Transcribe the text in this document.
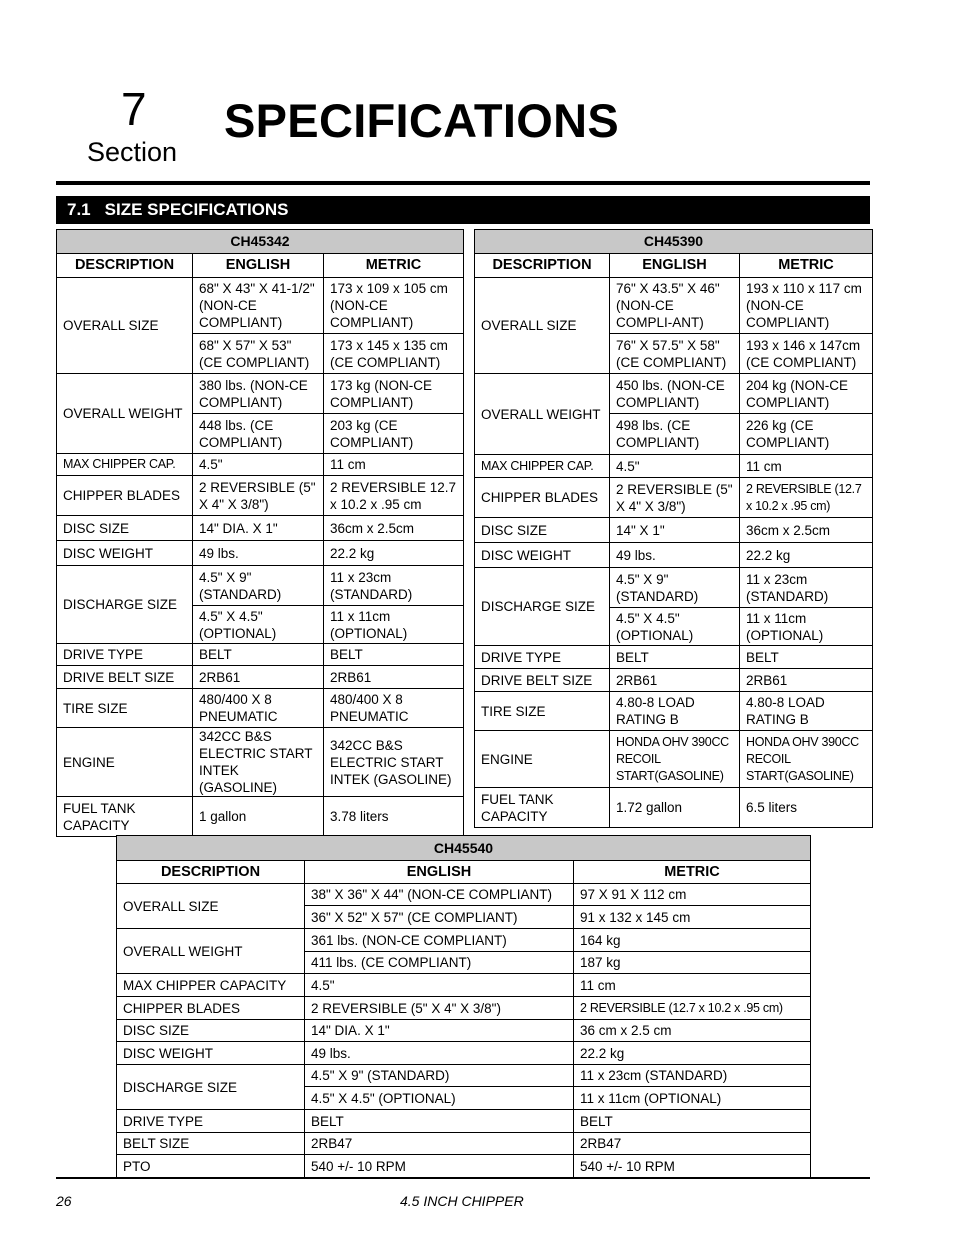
7
Section
SPECIFICATIONS
7.1 SIZE SPECIFICATIONS
CH45342		
DESCRIPTION	ENGLISH	METRIC
OVERALL SIZE	68" X 43" X 41-1/2" (NON-CE COMPLIANT)	173 x 109 x 105 cm (NON-CE COMPLIANT)
	68" X 57" X 53" (CE COMPLIANT)	173 x 145 x 135 cm (CE COMPLIANT)
OVERALL WEIGHT	380 lbs. (NON-CE COMPLIANT)	173 kg (NON-CE COMPLIANT)
	448 lbs. (CE COMPLIANT)	203 kg (CE COMPLIANT)
MAX CHIPPER CAP.	4.5"	11 cm
CHIPPER BLADES	2 REVERSIBLE (5" X 4" X 3/8")	2 REVERSIBLE 12.7 x 10.2 x .95 cm
DISC SIZE	14" DIA. X 1"	36cm x 2.5cm
DISC WEIGHT	49 lbs.	22.2 kg
DISCHARGE SIZE	4.5" X 9" (STANDARD)	11 x 23cm (STANDARD)
	4.5" X 4.5" (OPTIONAL)	11 x 11cm (OPTIONAL)
DRIVE TYPE	BELT	BELT
DRIVE BELT SIZE	2RB61	2RB61
TIRE SIZE	480/400 X 8 PNEUMATIC	480/400 X 8 PNEUMATIC
ENGINE	342CC B&S ELECTRIC START INTEK (GASOLINE)	342CC B&S ELECTRIC START INTEK (GASOLINE)
FUEL TANK CAPACITY	1 gallon	3.78 liters
CH45390		
DESCRIPTION	ENGLISH	METRIC
OVERALL SIZE	76" X 43.5" X 46" (NON-CE COMPLI-ANT)	193 x 110 x 117 cm (NON-CE COMPLIANT)
	76" X 57.5" X 58" (CE COMPLIANT)	193 x 146 x 147cm (CE COMPLIANT)
OVERALL WEIGHT	450 lbs. (NON-CE COMPLIANT)	204 kg (NON-CE COMPLIANT)
	498 lbs. (CE COMPLIANT)	226 kg (CE COMPLIANT)
MAX CHIPPER CAP.	4.5"	11 cm
CHIPPER BLADES	2 REVERSIBLE (5" X 4" X 3/8")	2 REVERSIBLE (12.7 x 10.2 x .95 cm)
DISC SIZE	14" X 1"	36cm x 2.5cm
DISC WEIGHT	49 lbs.	22.2 kg
DISCHARGE SIZE	4.5" X 9" (STANDARD)	11 x 23cm (STANDARD)
	4.5" X 4.5" (OPTIONAL)	11 x 11cm (OPTIONAL)
DRIVE TYPE	BELT	BELT
DRIVE BELT SIZE	2RB61	2RB61
TIRE SIZE	4.80-8 LOAD RATING B	4.80-8 LOAD RATING B
ENGINE	HONDA OHV 390CC RECOIL START(GASOLINE)	HONDA OHV 390CC RECOIL START(GASOLINE)
FUEL TANK CAPACITY	1.72 gallon	6.5 liters
CH45540		
DESCRIPTION	ENGLISH	METRIC
OVERALL SIZE	38" X 36" X 44" (NON-CE COMPLIANT)	97 X 91 X 112 cm
	36" X 52" X 57" (CE COMPLIANT)	91 x 132 x 145 cm
OVERALL WEIGHT	361 lbs. (NON-CE COMPLIANT)	164 kg
	411 lbs. (CE COMPLIANT)	187 kg
MAX CHIPPER CAPACITY	4.5"	11 cm
CHIPPER BLADES	2 REVERSIBLE (5" X 4" X 3/8")	2 REVERSIBLE (12.7 x 10.2 x .95 cm)
DISC SIZE	14" DIA. X 1"	36 cm x 2.5 cm
DISC WEIGHT	49 lbs.	22.2 kg
DISCHARGE SIZE	4.5" X 9" (STANDARD)	11 x 23cm (STANDARD)
	4.5" X 4.5" (OPTIONAL)	11 x 11cm (OPTIONAL)
DRIVE TYPE	BELT	BELT
BELT SIZE	2RB47	2RB47
PTO	540 +/- 10 RPM	540 +/- 10 RPM
26	4.5 INCH CHIPPER
